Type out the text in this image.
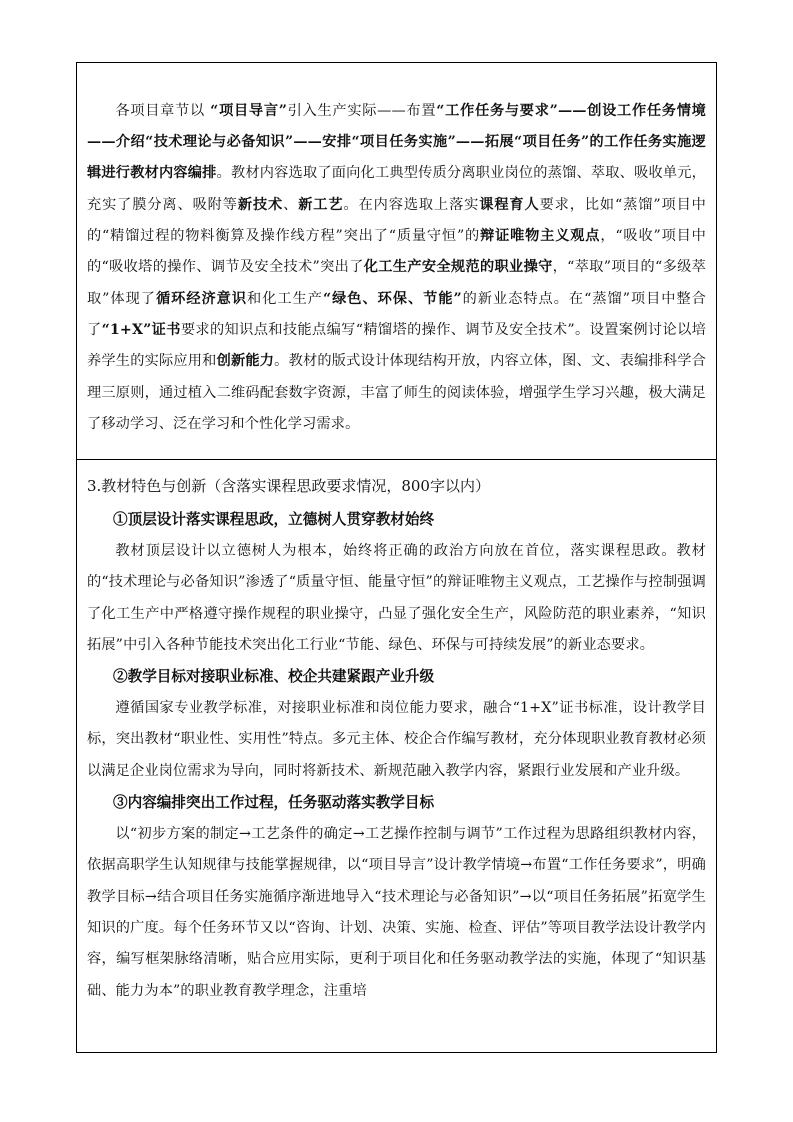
各项目章节以 “项目导言”引入生产实际——布置“工作任务与要求”——创设工作任务情境——介绍“技术理论与必备知识”——安排“项目任务实施”——拓展“项目任务”的工作任务实施逻辑进行教材内容编排。教材内容选取了面向化工典型传质分离职业岗位的蒸馏、萃取、吸收单元，充实了膜分离、吸附等新技术、新工艺。在内容选取上落实课程育人要求，比如“蒸馏”项目中的“精馏过程的物料衡算及操作线方程”突出了“质量守恒”的辩证唯物主义观点，“吸收”项目中的“吸收塔的操作、调节及安全技术”突出了化工生产安全规范的职业操守，“萃取”项目的“多级萃取”体现了循环经济意识和化工生产“绿色、环保、节能”的新业态特点。在“蒸馏”项目中整合了“1+X”证书要求的知识点和技能点编写“精馏塔的操作、调节及安全技术”。设置案例讨论以培养学生的实际应用和创新能力。教材的版式设计体现结构开放，内容立体，图、文、表编排科学合理三原则，通过植入二维码配套数字资源，丰富了师生的阅读体验，增强学生学习兴趣，极大满足了移动学习、泛在学习和个性化学习需求。

3.教材特色与创新（含落实课程思政要求情况，800字以内）
①顶层设计落实课程思政，立德树人贯穿教材始终

教材顶层设计以立德树人为根本，始终将正确的政治方向放在首位，落实课程思政。教材的“技术理论与必备知识”渗透了“质量守恒、能量守恒”的辩证唯物主义观点，工艺操作与控制强调了化工生产中严格遵守操作规程的职业操守，凸显了强化安全生产，风险防范的职业素养，“知识拓展”中引入各种节能技术突出化工行业“节能、绿色、环保与可持续发展”的新业态要求。

②教学目标对接职业标准、校企共建紧跟产业升级

遵循国家专业教学标准，对接职业标准和岗位能力要求，融合“1+X”证书标准，设计教学目标，突出教材“职业性、实用性”特点。多元主体、校企合作编写教材，充分体现职业教育教材必须以满足企业岗位需求为导向，同时将新技术、新规范融入教学内容，紧跟行业发展和产业升级。

③内容编排突出工作过程，任务驱动落实教学目标

以“初步方案的制定→工艺条件的确定→工艺操作控制与调节”工作过程为思路组织教材内容，依据高职学生认知规律与技能掌握规律，以“项目导言”设计教学情境→布置“工作任务要求”，明确教学目标→结合项目任务实施循序渐进地导入“技术理论与必备知识”→以“项目任务拓展”拓宽学生知识的广度。每个任务环节又以“咨询、计划、决策、实施、检查、评估”等项目教学法设计教学内容，编写框架脉络清晰，贴合应用实际，更利于项目化和任务驱动教学法的实施，体现了“知识基础、能力为本”的职业教育教学理念，注重培
